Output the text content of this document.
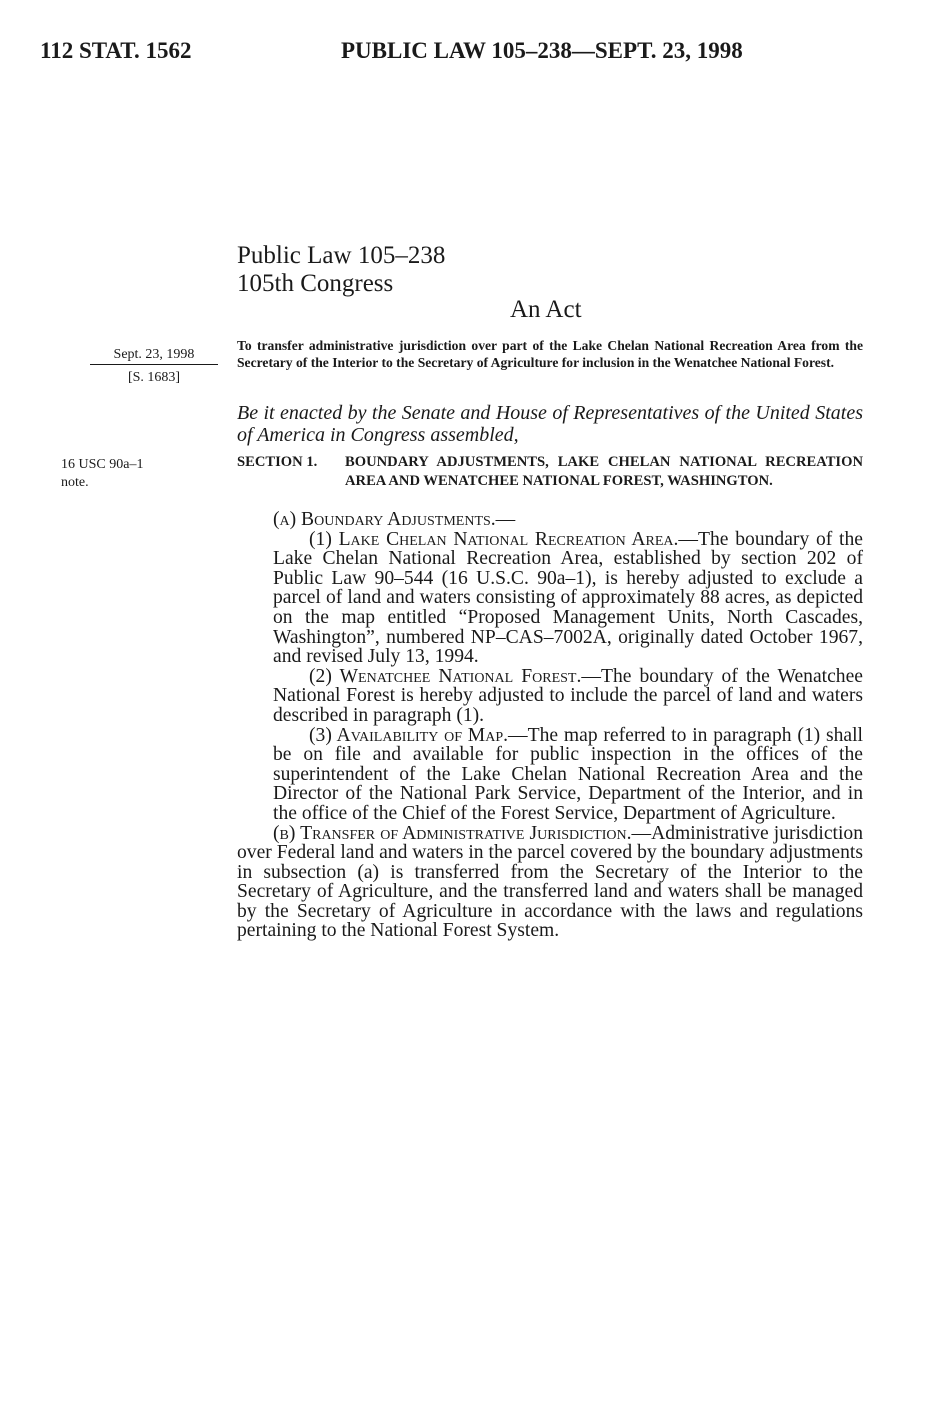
112 STAT. 1562	PUBLIC LAW 105–238—SEPT. 23, 1998
Public Law 105–238
105th Congress
An Act
Sept. 23, 1998
[S. 1683]
16 USC 90a–1
note.
To transfer administrative jurisdiction over part of the Lake Chelan National Recreation Area from the Secretary of the Interior to the Secretary of Agriculture for inclusion in the Wenatchee National Forest.
Be it enacted by the Senate and House of Representatives of the United States of America in Congress assembled,
SECTION 1. BOUNDARY ADJUSTMENTS, LAKE CHELAN NATIONAL RECREATION AREA AND WENATCHEE NATIONAL FOREST, WASHINGTON.

(a) Boundary Adjustments.—

(1) Lake Chelan National Recreation Area.—The boundary of the Lake Chelan National Recreation Area, established by section 202 of Public Law 90–544 (16 U.S.C. 90a–1), is hereby adjusted to exclude a parcel of land and waters consisting of approximately 88 acres, as depicted on the map entitled “Proposed Management Units, North Cascades, Washington”, numbered NP–CAS–7002A, originally dated October 1967, and revised July 13, 1994.

(2) Wenatchee National Forest.—The boundary of the Wenatchee National Forest is hereby adjusted to include the parcel of land and waters described in paragraph (1).

(3) Availability of Map.—The map referred to in paragraph (1) shall be on file and available for public inspection in the offices of the superintendent of the Lake Chelan National Recreation Area and the Director of the National Park Service, Department of the Interior, and in the office of the Chief of the Forest Service, Department of Agriculture.

(b) Transfer of Administrative Jurisdiction.—Administrative jurisdiction over Federal land and waters in the parcel covered by the boundary adjustments in subsection (a) is transferred from the Secretary of the Interior to the Secretary of Agriculture, and the transferred land and waters shall be managed by the Secretary of Agriculture in accordance with the laws and regulations pertaining to the National Forest System.
